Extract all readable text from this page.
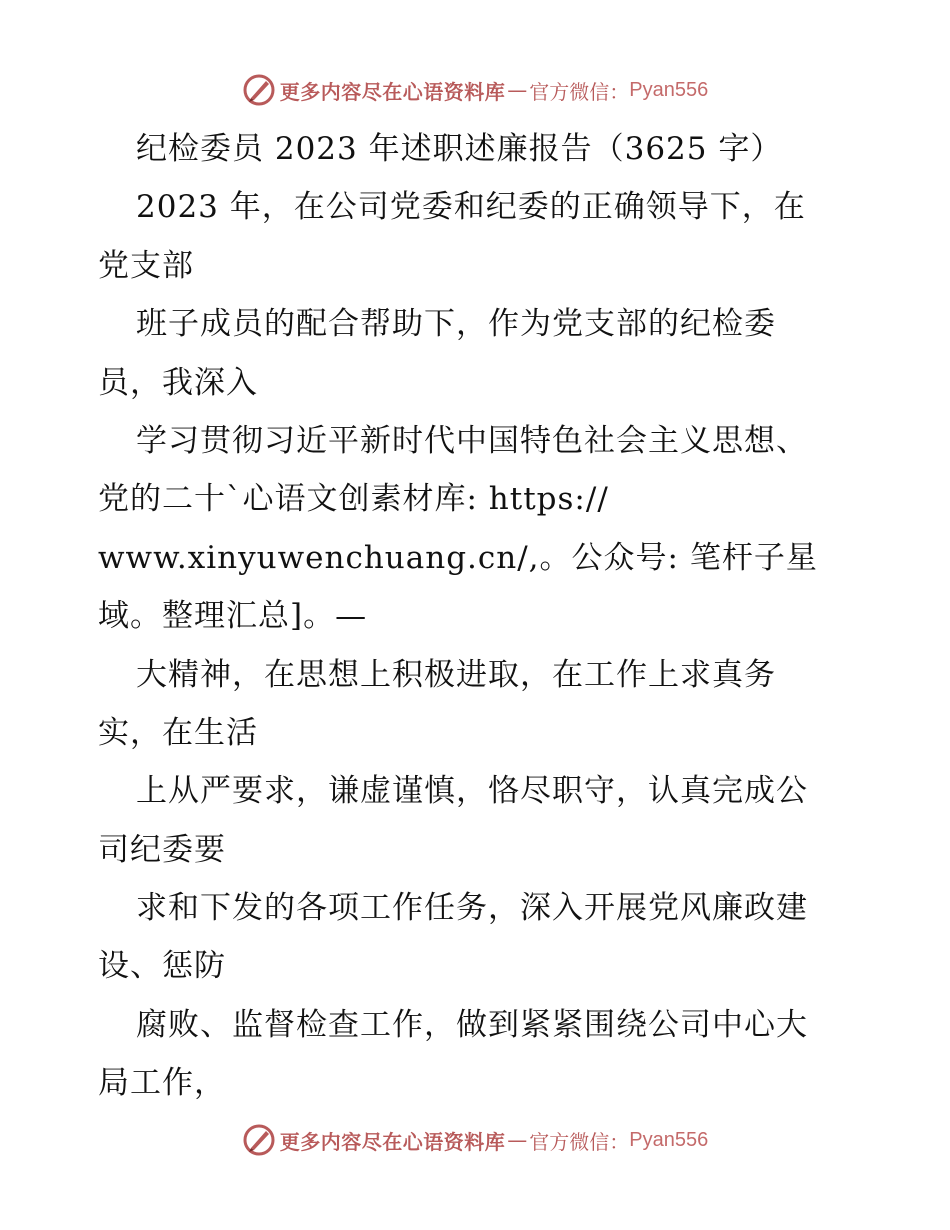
更多内容尽在心语资料库 — 官方微信： Pyan556
纪检委员 2023 年述职述廉报告（3625 字）
2023 年，在公司党委和纪委的正确领导下，在
党支部
班子成员的配合帮助下，作为党支部的纪检委
员，我深入
学习贯彻习近平新时代中国特色社会主义思想、
党的二十`心语文创素材库: https://
www.xinyuwenchuang.cn/,。公众号: 笔杆子星
域。整理汇总]。—
大精神，在思想上积极进取，在工作上求真务
实，在生活
上从严要求，谦虚谨慎，恪尽职守，认真完成公
司纪委要
求和下发的各项工作任务，深入开展党风廉政建
设、惩防
腐败、监督检查工作，做到紧紧围绕公司中心大
局工作，
更多内容尽在心语资料库 — 官方微信： Pyan556
